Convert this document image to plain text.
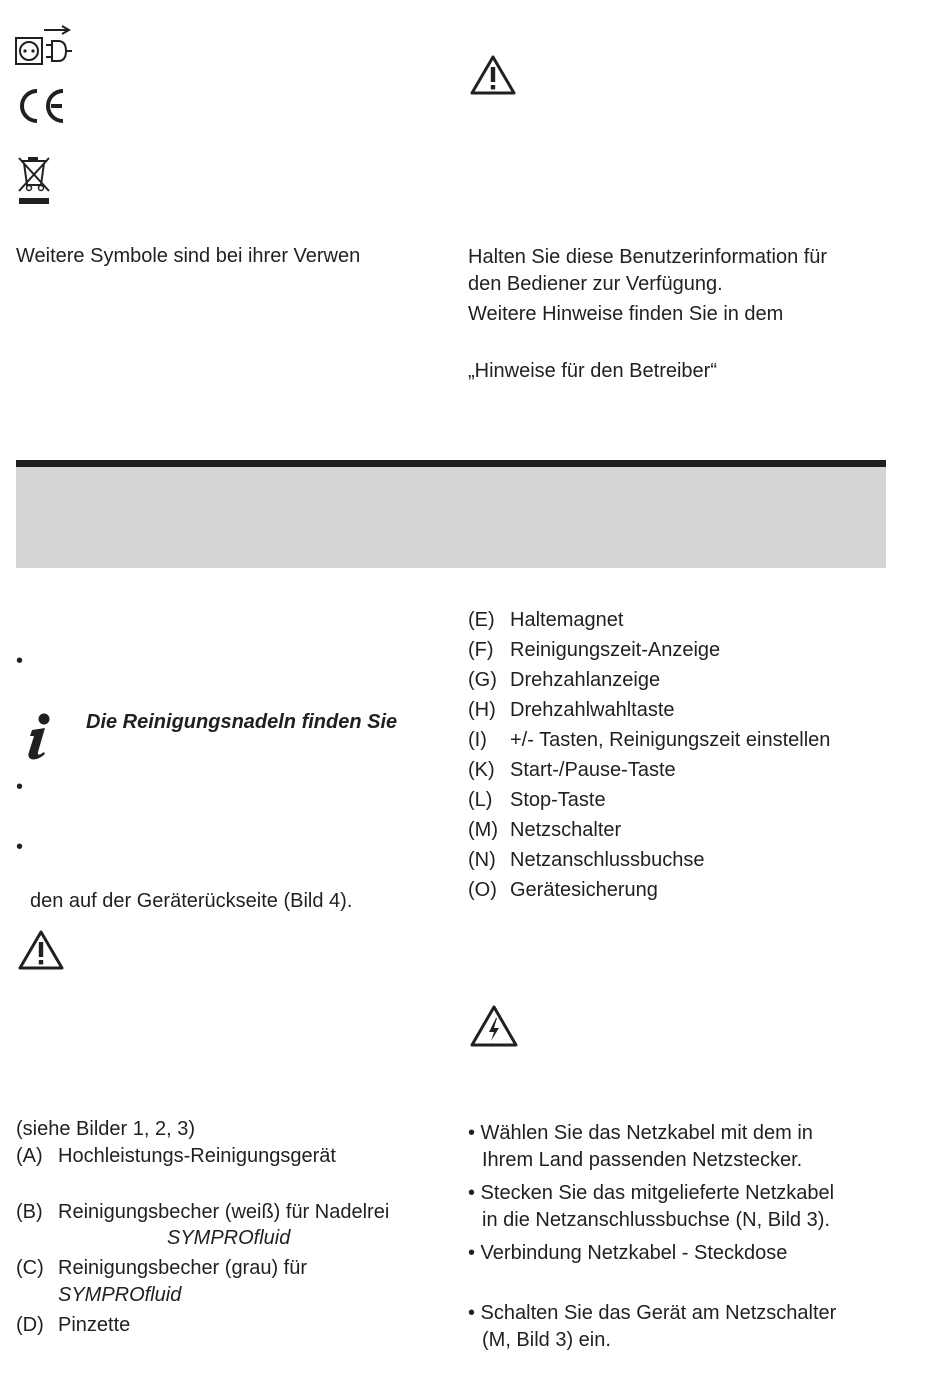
Weitere Symbole sind bei ihrer Verwen	Halten Sie diese Benutzerinformation für
den Bediener zur Verfügung.
Weitere Hinweise finden Sie in dem
„Hinweise für den Betreiber“
•
Die Reinigungsnadeln finden Sie
•
•
den auf der Geräterückseite (Bild 4).
(E) Haltemagnet
(F) Reinigungszeit-Anzeige
(G) Drehzahlanzeige
(H) Drehzahlwahltaste
(I) +/- Tasten, Reinigungszeit einstellen
(K) Start-/Pause-Taste
(L) Stop-Taste
(M) Netzschalter
(N) Netzanschlussbuchse
(O) Gerätesicherung
(siehe Bilder 1, 2, 3)
(A) Hochleistungs-Reinigungsgerät
(B) Reinigungsbecher (weiß) für Nadelrei
SYMPROfluid
(C) Reinigungsbecher (grau) für
SYMPROfluid
(D) Pinzette
• Wählen Sie das Netzkabel mit dem in
Ihrem Land passenden Netzstecker.
• Stecken Sie das mitgelieferte Netzkabel
in die Netzanschlussbuchse (N, Bild 3).
• Verbindung Netzkabel - Steckdose
• Schalten Sie das Gerät am Netzschalter
(M, Bild 3) ein.
